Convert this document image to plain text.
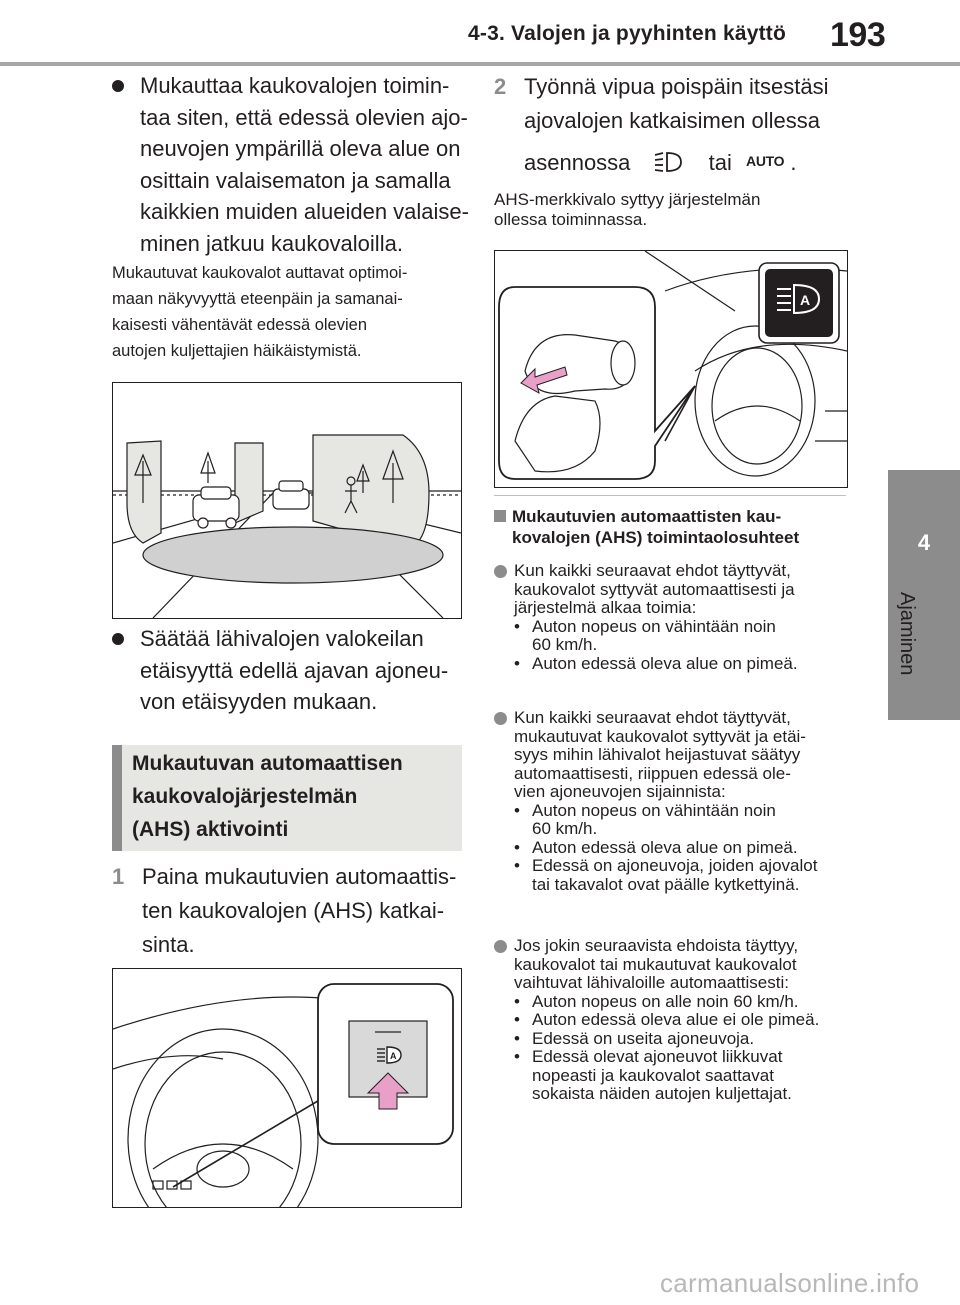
4-3. Valojen ja pyyhinten käyttö 193
4
Ajaminen
Mukauttaa kaukovalojen toimin-
taa siten, että edessä olevien ajo-
neuvojen ympärillä oleva alue on
osittain valaisematon ja samalla
kaikkien muiden alueiden valaise-
minen jatkuu kaukovaloilla.
Mukautuvat kaukovalot auttavat optimoi-
maan näkyvyyttä eteenpäin ja samanai-
kaisesti vähentävät edessä olevien
autojen kuljettajien häikäistymistä.
Säätää lähivalojen valokeilan
etäisyyttä edellä ajavan ajoneu-
von etäisyyden mukaan.
Mukautuvan automaattisen
kaukovalojärjestelmän
(AHS) aktivointi
1 Paina mukautuvien automaattis-
ten kaukovalojen (AHS) katkai-
sinta.
A
2 Työnnä vipua poispäin itsestäsi
ajovalojen katkaisimen ollessa
asennossa	tai AUTO .
AHS-merkkivalo syttyy järjestelmän
ollessa toiminnassa.
A
Mukautuvien automaattisten kau-
kovalojen (AHS) toimintaolosuhteet
Kun kaikki seuraavat ehdot täyttyvät,
kaukovalot syttyvät automaattisesti ja
järjestelmä alkaa toimia:
• Auton nopeus on vähintään noin
60 km/h.
• Auton edessä oleva alue on pimeä.
Kun kaikki seuraavat ehdot täyttyvät,
mukautuvat kaukovalot syttyvät ja etäi-
syys mihin lähivalot heijastuvat säätyy
automaattisesti, riippuen edessä ole-
vien ajoneuvojen sijainnista:
• Auton nopeus on vähintään noin
60 km/h.
• Auton edessä oleva alue on pimeä.
• Edessä on ajoneuvoja, joiden ajovalot
tai takavalot ovat päälle kytkettyinä.
Jos jokin seuraavista ehdoista täyttyy,
kaukovalot tai mukautuvat kaukovalot
vaihtuvat lähivaloille automaattisesti:
• Auton nopeus on alle noin 60 km/h.
• Auton edessä oleva alue ei ole pimeä.
• Edessä on useita ajoneuvoja.
• Edessä olevat ajoneuvot liikkuvat
nopeasti ja kaukovalot saattavat
sokaista näiden autojen kuljettajat.
carmanualsonline.info
